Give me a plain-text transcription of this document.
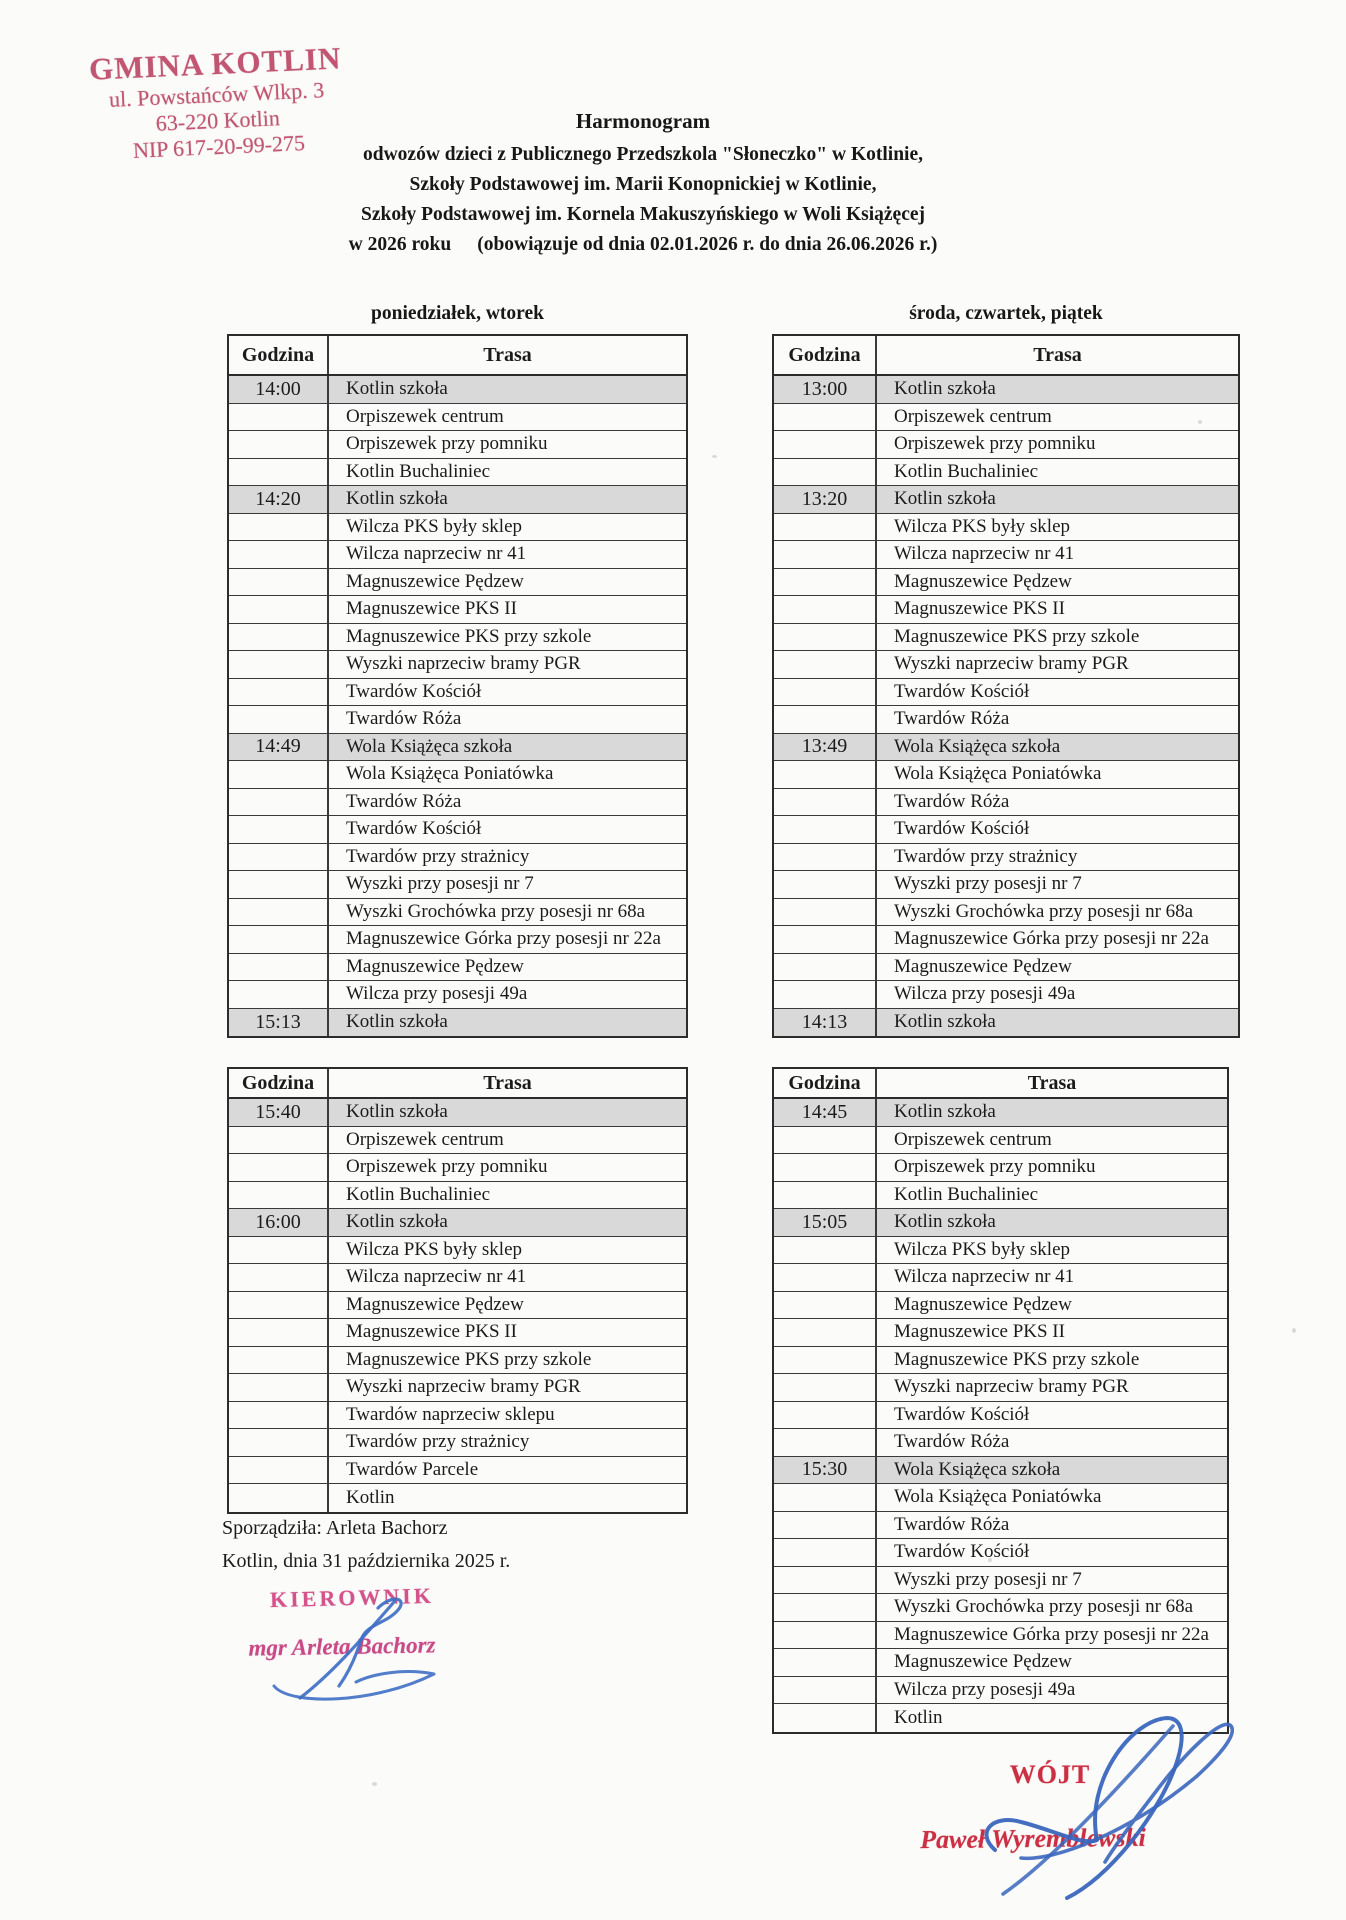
GMINA KOTLIN
ul. Powstańców Wlkp. 3
63-220 Kotlin
NIP 617-20-99-275
Harmonogram
odwozów dzieci z Publicznego Przedszkola "Słoneczko" w Kotlinie,
Szkoły Podstawowej im. Marii Konopnickiej w Kotlinie,
Szkoły Podstawowej im. Kornela Makuszyńskiego w Woli Książęcej
w 2026 roku (obowiązuje od dnia 02.01.2026 r. do dnia 26.06.2026 r.)
poniedziałek, wtorek	środa, czwartek, piątek
Godzina	Trasa
14:00	Kotlin szkoła
Orpiszewek centrum
Orpiszewek przy pomniku
Kotlin Buchaliniec
14:20	Kotlin szkoła
Wilcza PKS były sklep
Wilcza naprzeciw nr 41
Magnuszewice Pędzew
Magnuszewice PKS II
Magnuszewice PKS przy szkole
Wyszki naprzeciw bramy PGR
Twardów Kościół
Twardów Róża
14:49	Wola Książęca szkoła
Wola Książęca Poniatówka
Twardów Róża
Twardów Kościół
Twardów przy strażnicy
Wyszki przy posesji nr 7
Wyszki Grochówka przy posesji nr 68a
Magnuszewice Górka przy posesji nr 22a
Magnuszewice Pędzew
Wilcza przy posesji 49a
15:13	Kotlin szkoła
Godzina	Trasa
13:00	Kotlin szkoła
Orpiszewek centrum
Orpiszewek przy pomniku
Kotlin Buchaliniec
13:20	Kotlin szkoła
Wilcza PKS były sklep
Wilcza naprzeciw nr 41
Magnuszewice Pędzew
Magnuszewice PKS II
Magnuszewice PKS przy szkole
Wyszki naprzeciw bramy PGR
Twardów Kościół
Twardów Róża
13:49	Wola Książęca szkoła
Wola Książęca Poniatówka
Twardów Róża
Twardów Kościół
Twardów przy strażnicy
Wyszki przy posesji nr 7
Wyszki Grochówka przy posesji nr 68a
Magnuszewice Górka przy posesji nr 22a
Magnuszewice Pędzew
Wilcza przy posesji 49a
14:13	Kotlin szkoła
Godzina	Trasa
15:40	Kotlin szkoła
Orpiszewek centrum
Orpiszewek przy pomniku
Kotlin Buchaliniec
16:00	Kotlin szkoła
Wilcza PKS były sklep
Wilcza naprzeciw nr 41
Magnuszewice Pędzew
Magnuszewice PKS II
Magnuszewice PKS przy szkole
Wyszki naprzeciw bramy PGR
Twardów naprzeciw sklepu
Twardów przy strażnicy
Twardów Parcele
Kotlin
Godzina	Trasa
14:45	Kotlin szkoła
Orpiszewek centrum
Orpiszewek przy pomniku
Kotlin Buchaliniec
15:05	Kotlin szkoła
Wilcza PKS były sklep
Wilcza naprzeciw nr 41
Magnuszewice Pędzew
Magnuszewice PKS II
Magnuszewice PKS przy szkole
Wyszki naprzeciw bramy PGR
Twardów Kościół
Twardów Róża
15:30	Wola Książęca szkoła
Wola Książęca Poniatówka
Twardów Róża
Twardów Kościół
Wyszki przy posesji nr 7
Wyszki Grochówka przy posesji nr 68a
Magnuszewice Górka przy posesji nr 22a
Magnuszewice Pędzew
Wilcza przy posesji 49a
Kotlin
Sporządziła: Arleta Bachorz
Kotlin, dnia 31 października 2025 r.
KIEROWNIK
mgr Arleta Bachorz
WÓJT
Paweł Wyremblewski
